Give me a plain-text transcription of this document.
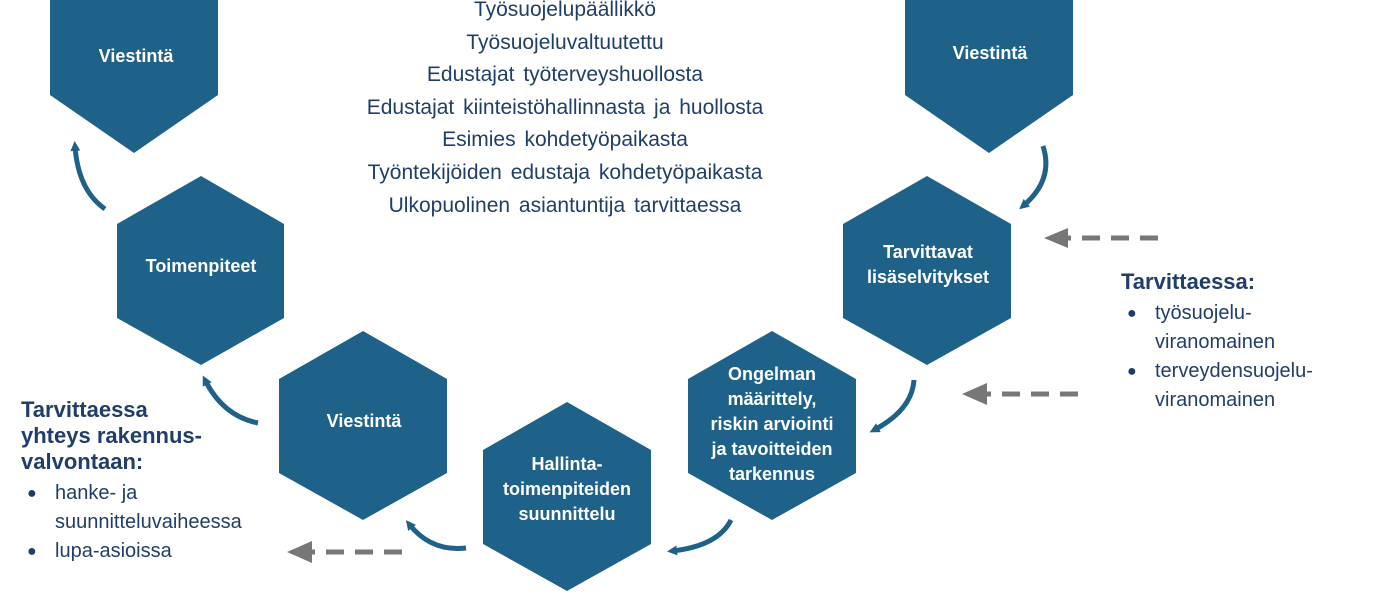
Viestintä
Toimenpiteet
Viestintä
Hallinta-toimenpiteiden suunnittelu
Ongelman määrittely, riskin arviointi ja tavoitteiden tarkennus
Tarvittavat lisäselvitykset
Viestintä
Työsuojelupäällikkö
Työsuojeluvaltuutettu
Edustajat työterveyshuollosta
Edustajat kiinteistöhallinnasta ja huollosta
Esimies kohdetyöpaikasta
Työntekijöiden edustaja kohdetyöpaikasta
Ulkopuolinen asiantuntija tarvittaessa
Tarvittaessa
yhteys rakennus-
valvontaan:
● hanke- ja
suunnitteluvaiheessa
● lupa-asioissa
Tarvittaessa:
● työsuojelu-
viranomainen
● terveydensuojelu-
viranomainen
